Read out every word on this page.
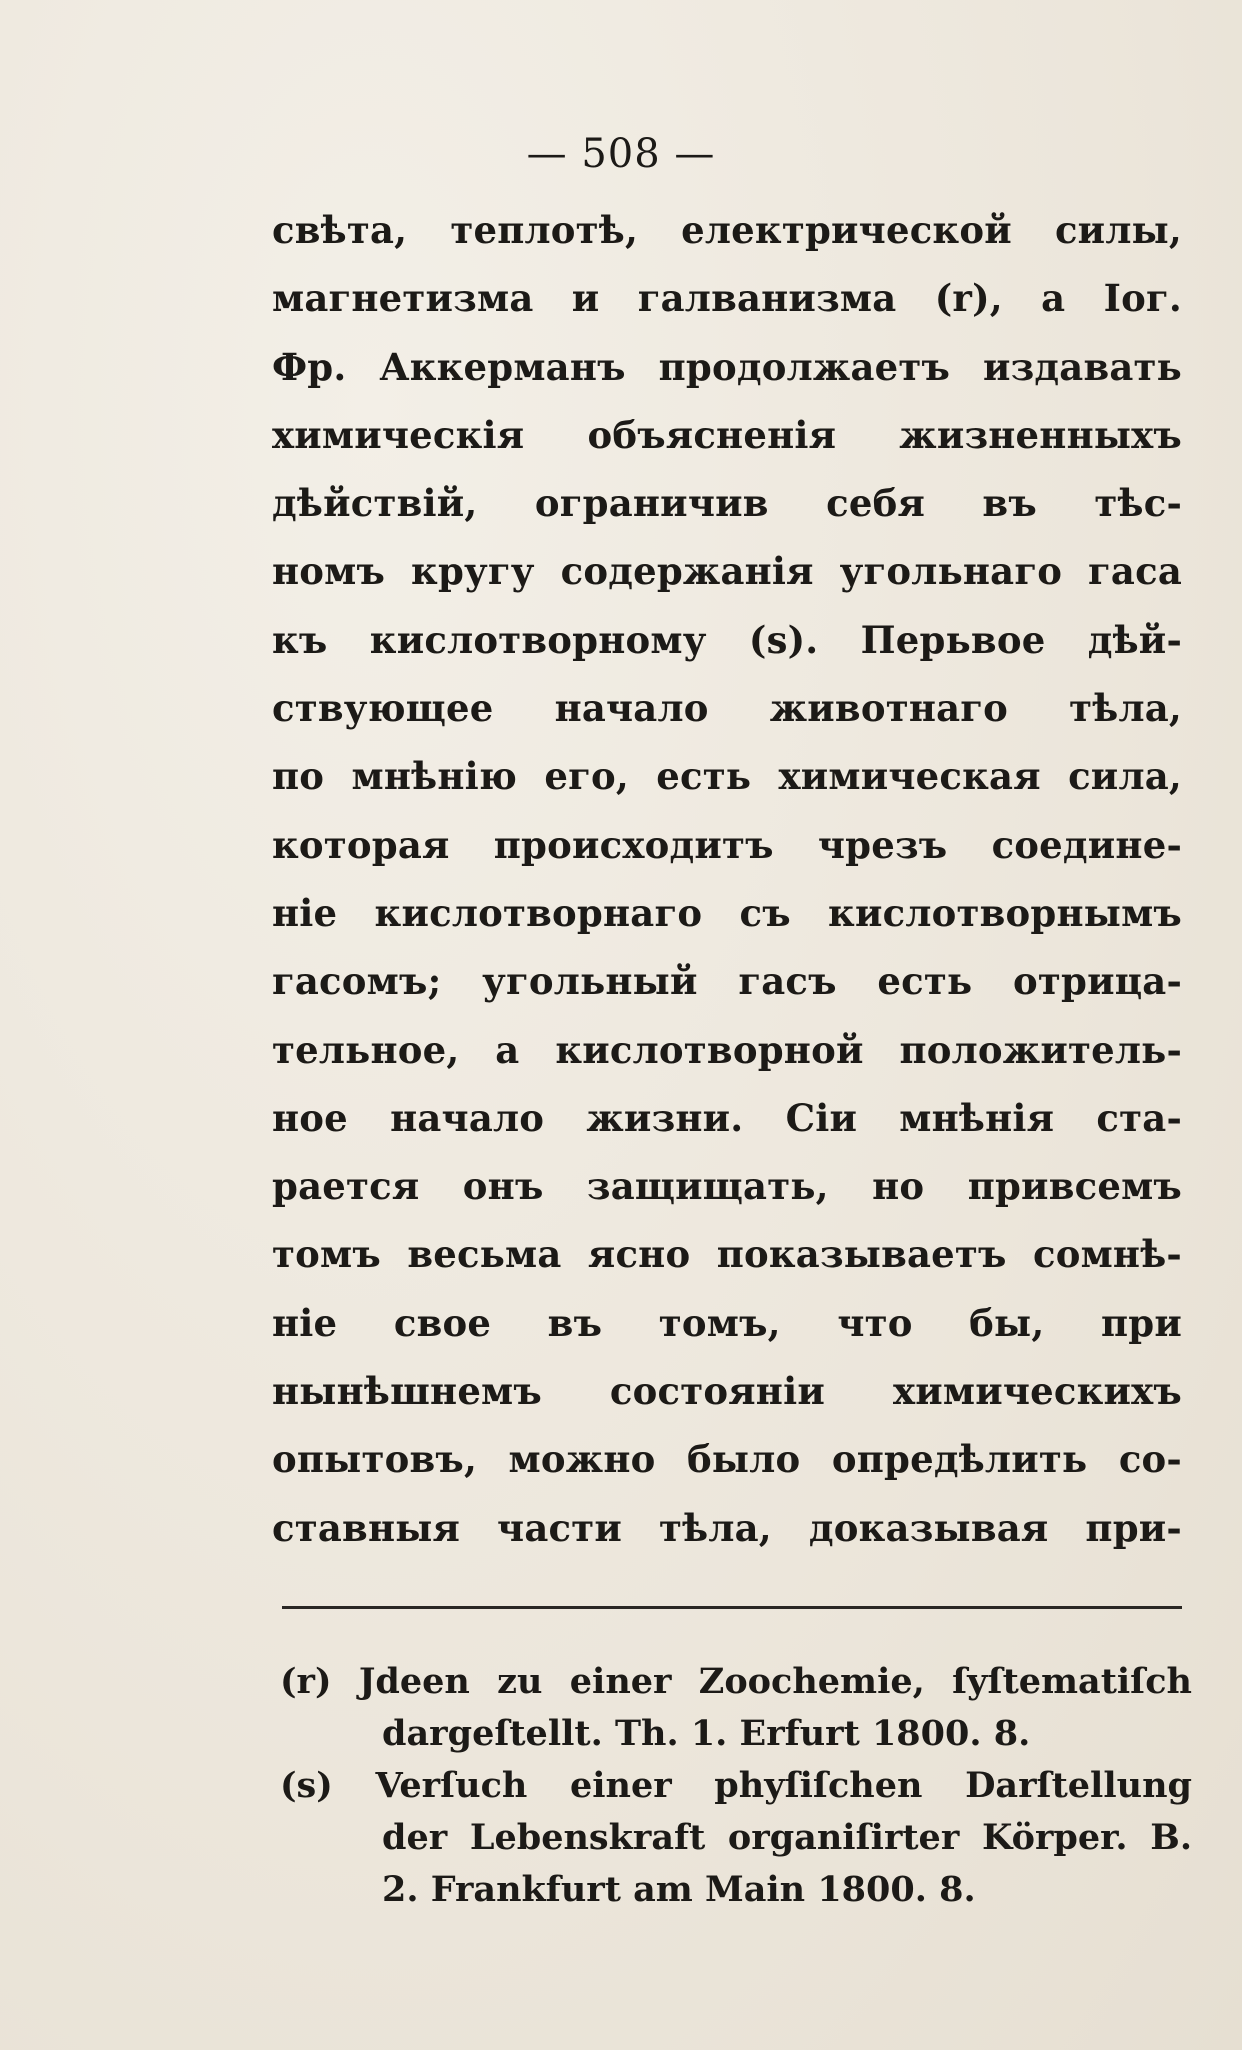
— 508 —
свѣта, теплотѣ, електрической силы,
магнетизма и галванизма (r), а Іог.
Фр. Аккерманъ продолжаетъ издавать
химическія объясненія жизненныхъ
дѣйствій, ограничив себя въ тѣс-
номъ кругу содержанія угольнаго гаса
къ кислотворному (s). Перьвое дѣй-
ствующее начало животнаго тѣла,
по мнѣнію его, есть химическая сила,
которая происходитъ чрезъ соедине-
ніе кислотворнаго съ кислотворнымъ
гасомъ; угольный гасъ есть отрица-
тельное, а кислотворной положитель-
ное начало жизни. Сіи мнѣнія ста-
рается онъ защищать, но привсемъ
томъ весьма ясно показываетъ сомнѣ-
ніе свое въ томъ, что бы, при
нынѣшнемъ состояніи химическихъ
опытовъ, можно было опредѣлить со-
ставныя части тѣла, доказывая при-
(r) Jdeen zu einer Zoochemie, ſyſtematiſch
dargeſtellt. Th. 1. Erfurt 1800. 8.
(s) Verſuch einer phyſiſchen Darſtellung
der Lebenskraft organiſirter Körper. B.
2. Frankfurt am Main 1800. 8.
